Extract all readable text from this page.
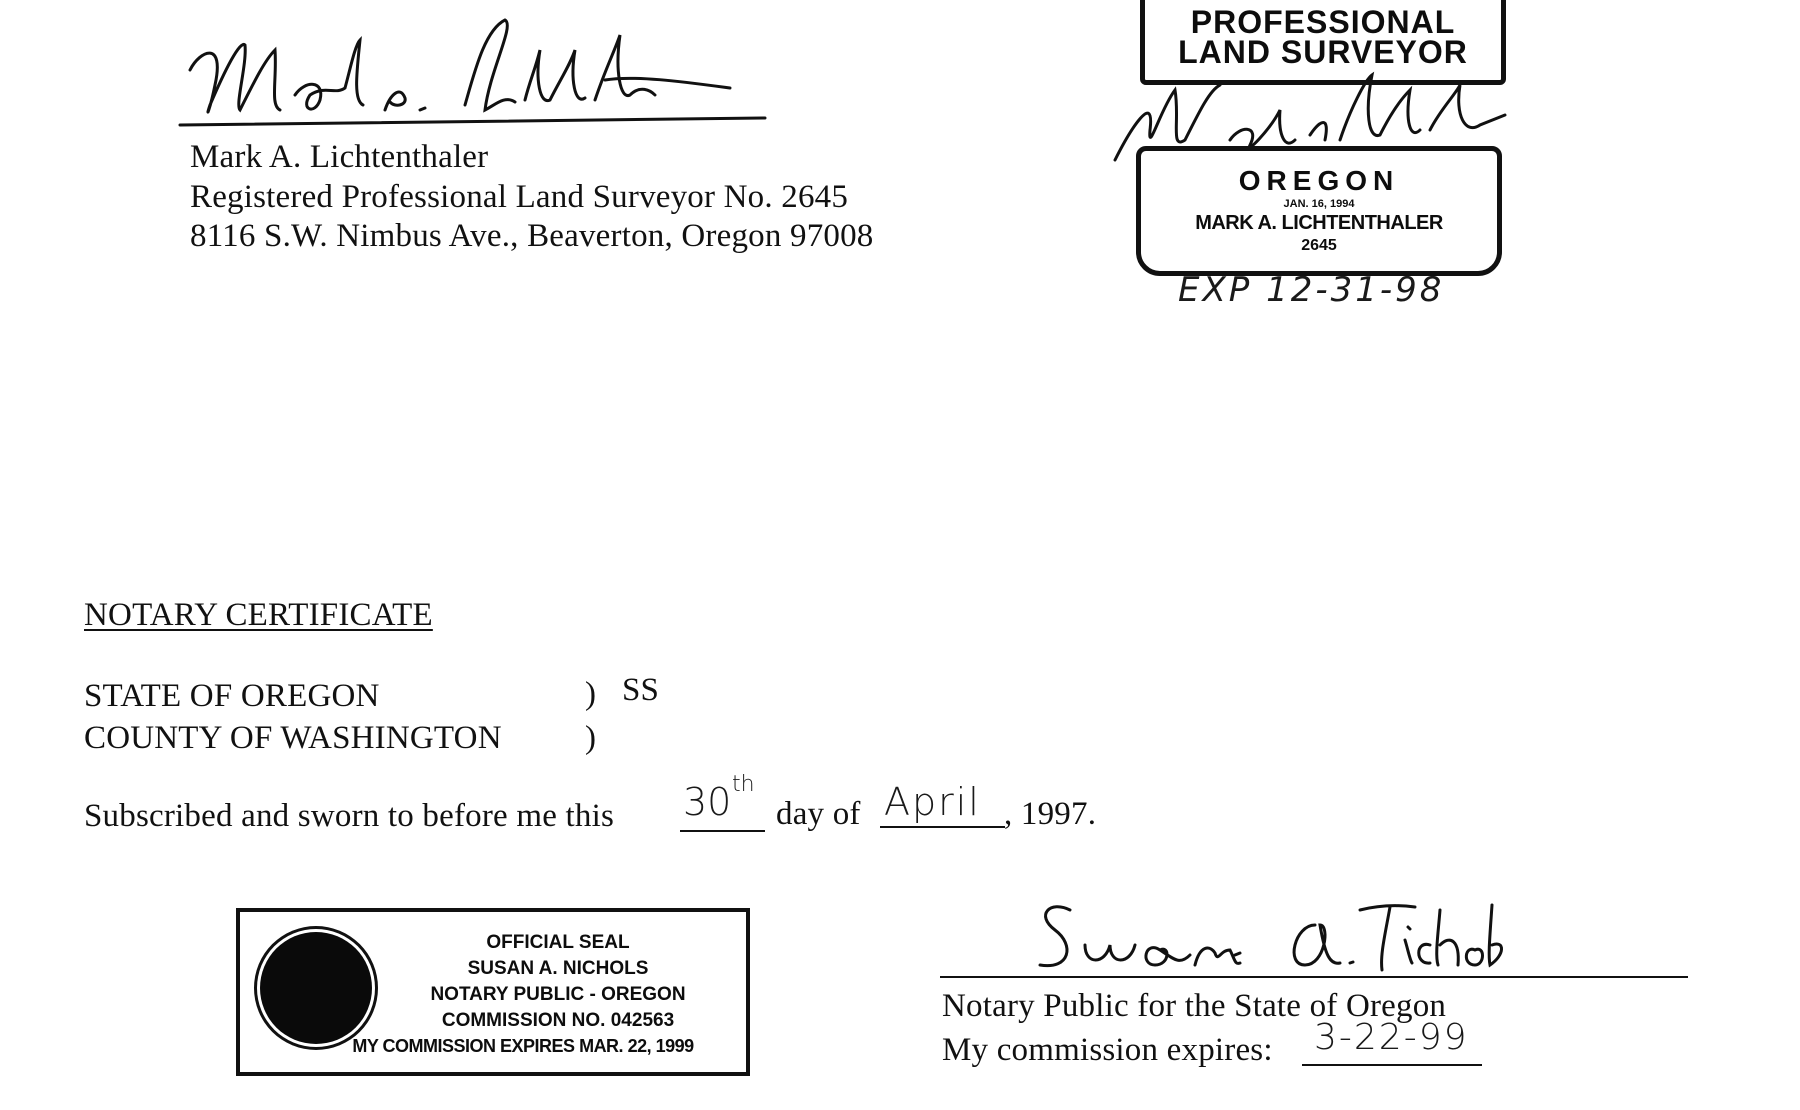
Mark A. Lichtenthaler
Registered Professional Land Surveyor No. 2645
8116 S.W. Nimbus Ave., Beaverton, Oregon 97008
PROFESSIONAL
LAND SURVEYOR
OREGON
JAN. 16, 1994
MARK A. LICHTENTHALER
2645
EXP 12-31-98
NOTARY CERTIFICATE
STATE OF OREGON	) SS
COUNTY OF WASHINGTON	)
Subscribed and sworn to before me this 30 th
day of April , 1997.
OFFICIAL SEAL
SUSAN A. NICHOLS
NOTARY PUBLIC - OREGON
COMMISSION NO. 042563
MY COMMISSION EXPIRES MAR. 22, 1999
Notary Public for the State of Oregon
My commission expires: 3-22-99
